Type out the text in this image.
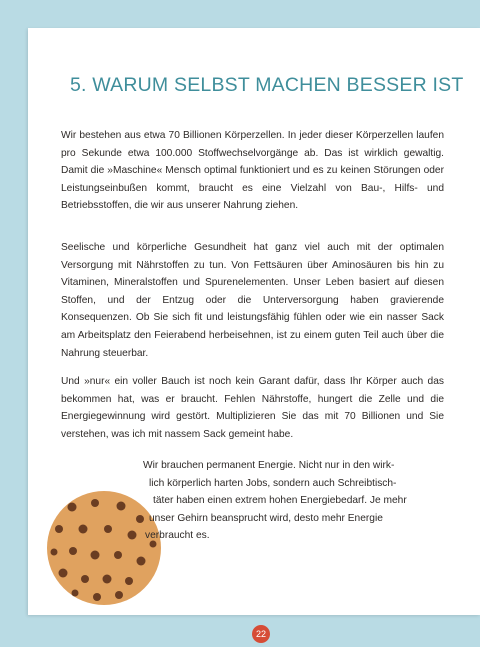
5. WARUM SELBST MACHEN BESSER IST

Wir bestehen aus etwa 70 Billionen Körperzellen. In jeder dieser Körperzellen laufen pro Sekunde etwa 100.000 Stoffwechselvorgänge ab. Das ist wirklich gewaltig. Damit die »Maschine« Mensch optimal funktioniert und es zu keinen Störungen oder Leistungseinbußen kommt, braucht es eine Vielzahl von Bau-, Hilfs- und Betriebsstoffen, die wir aus unserer Nahrung ziehen.

Seelische und körperliche Gesundheit hat ganz viel auch mit der optimalen Versorgung mit Nährstoffen zu tun. Von Fettsäuren über Aminosäuren bis hin zu Vitaminen, Mineralstoffen und Spurenelementen. Unser Leben basiert auf diesen Stoffen, und der Entzug oder die Unterversorgung haben gravierende Konsequenzen. Ob Sie sich fit und leistungsfähig fühlen oder wie ein nasser Sack am Arbeitsplatz den Feierabend herbeisehnen, ist zu einem guten Teil auch über die Nahrung steuerbar.

Und »nur« ein voller Bauch ist noch kein Garant dafür, dass Ihr Körper auch das bekommen hat, was er braucht. Fehlen Nährstoffe, hungert die Zelle und die Energiegewinnung wird gestört. Multiplizieren Sie das mit 70 Billionen und Sie verstehen, was ich mit nassem Sack gemeint habe.

Wir brauchen permanent Energie. Nicht nur in den wirk-
lich körperlich harten Jobs, sondern auch Schreibtisch-
täter haben einen extrem hohen Energiebedarf. Je mehr
unser Gehirn beansprucht wird, desto mehr Energie
verbraucht es.
22
